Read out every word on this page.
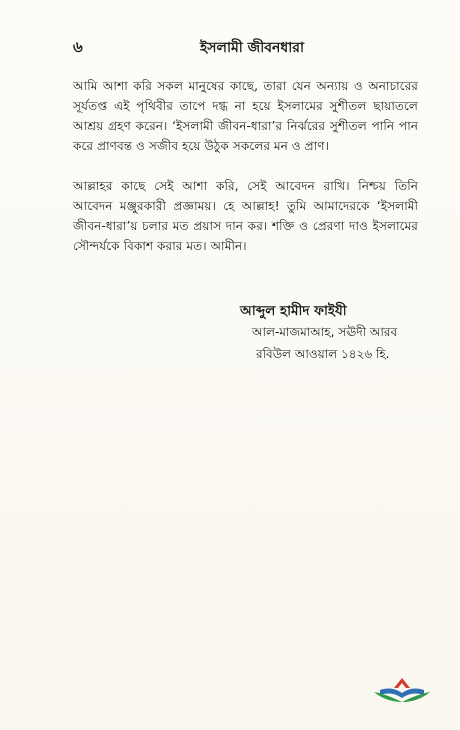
৬	ইসলামী জীবনধারা

আমি আশা করি সকল মানুষের কাছে, তারা যেন অন্যায় ও অনাচারের সূর্যতপ্ত এই পৃথিবীর তাপে দগ্ধ না হয়ে ইসলামের সুশীতল ছায়াতলে আশ্রয় গ্রহণ করেন। ‘ইসলামী জীবন-ধারা’র নির্ঝরের সুশীতল পানি পান করে প্রাণবন্ত ও সজীব হয়ে উঠুক সকলের মন ও প্রাণ।

আল্লাহর কাছে সেই আশা করি, সেই আবেদন রাখি। নিশ্চয় তিনি আবেদন মঞ্জুরকারী প্রজ্ঞাময়। হে আল্লাহ! তুমি আমাদেরকে ‘ইসলামী জীবন-ধারা’য় চলার মত প্রয়াস দান কর। শক্তি ও প্রেরণা দাও ইসলামের সৌন্দর্যকে বিকাশ করার মত। আমীন।

আব্দুল হামীদ ফাইযী
আল-মাজমাআহ, সঊদী আরব
রবিউল আওয়াল ১৪২৬ হি.
